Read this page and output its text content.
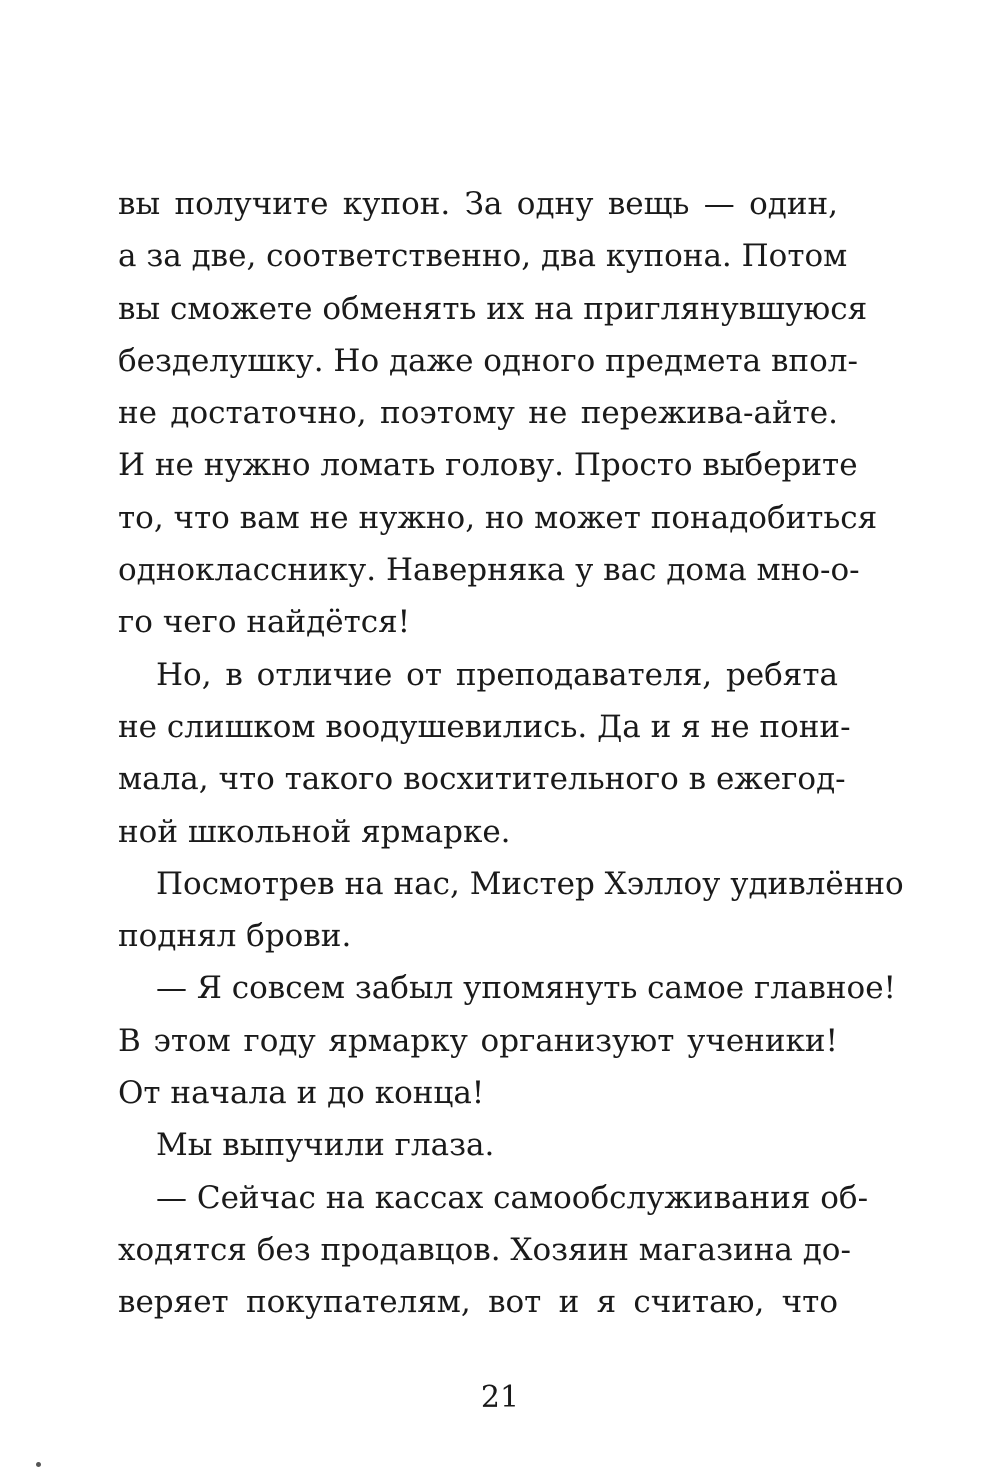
вы получите купон. За одну вещь — один,
а за две, соответственно, два купона. Потом
вы сможете обменять их на приглянувшуюся
безделушку. Но даже одного предмета впол-
не достаточно, поэтому не пережива-айте.
И не нужно ломать голову. Просто выберите
то, что вам не нужно, но может понадобиться
однокласснику. Наверняка у вас дома мно-о-
го чего найдётся!
Но, в отличие от преподавателя, ребята
не слишком воодушевились. Да и я не пони-
мала, что такого восхитительного в ежегод-
ной школьной ярмарке.
Посмотрев на нас, Мистер Хэллоу удивлённо
поднял брови.
— Я совсем забыл упомянуть самое главное!
В этом году ярмарку организуют ученики!
От начала и до конца!
Мы выпучили глаза.
— Сейчас на кассах самообслуживания об-
ходятся без продавцов. Хозяин магазина до-
веряет покупателям, вот и я считаю, что
21
